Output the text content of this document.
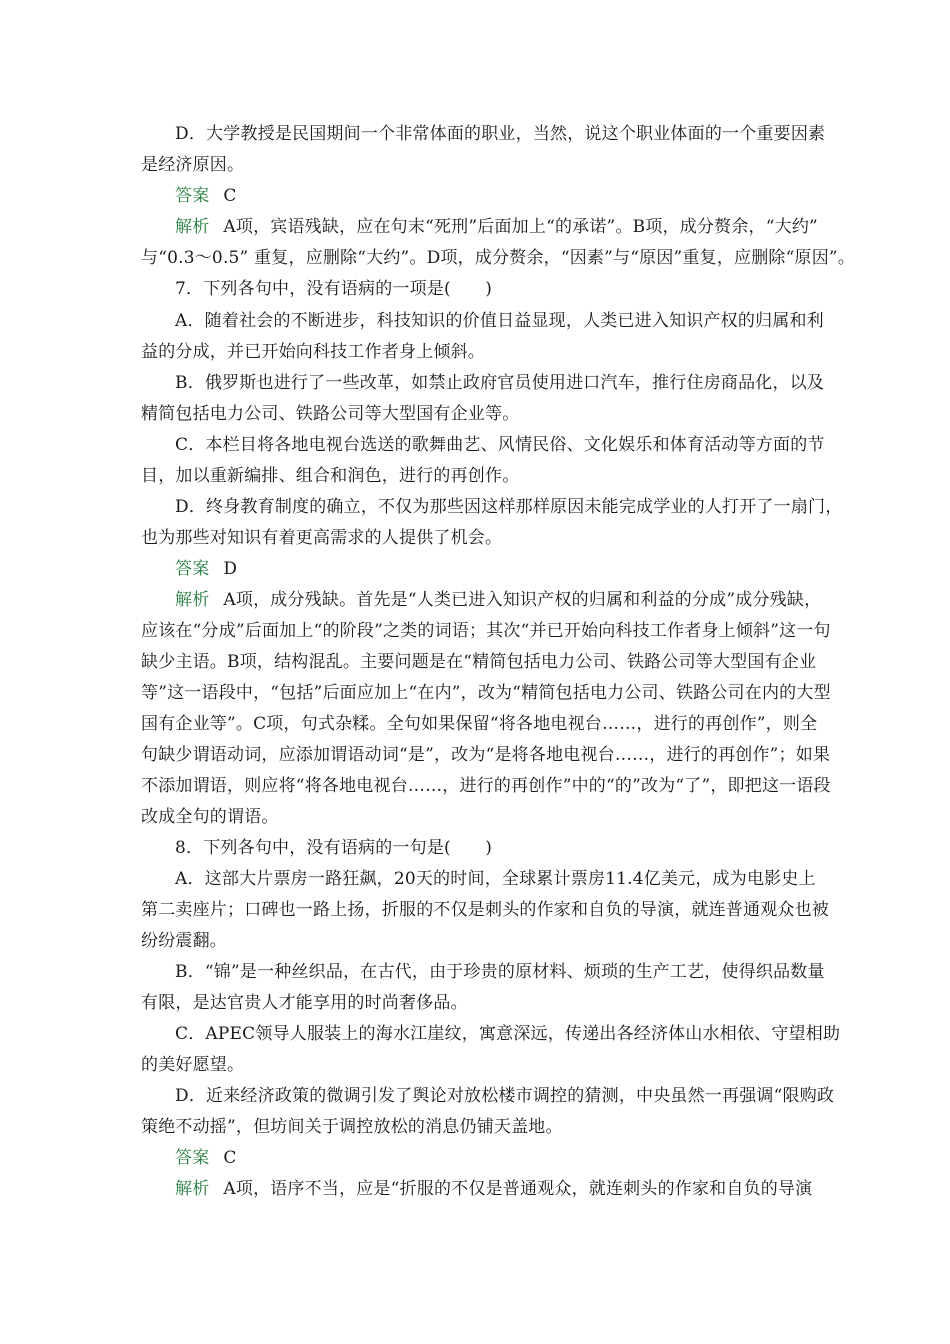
D．大学教授是民国期间一个非常体面的职业，当然，说这个职业体面的一个重要因素
是经济原因。
答案 C
解析 A项，宾语残缺，应在句末“死刑”后面加上“的承诺”。B项，成分赘余，“大约”
与“0.3～0.5” 重复，应删除“大约”。D项，成分赘余，“因素”与“原因”重复，应删除“原因”。
7．下列各句中，没有语病的一项是(　　)
A．随着社会的不断进步，科技知识的价值日益显现，人类已进入知识产权的归属和利
益的分成，并已开始向科技工作者身上倾斜。
B．俄罗斯也进行了一些改革，如禁止政府官员使用进口汽车，推行住房商品化，以及
精简包括电力公司、铁路公司等大型国有企业等。
C．本栏目将各地电视台选送的歌舞曲艺、风情民俗、文化娱乐和体育活动等方面的节
目，加以重新编排、组合和润色，进行的再创作。
D．终身教育制度的确立，不仅为那些因这样那样原因未能完成学业的人打开了一扇门，
也为那些对知识有着更高需求的人提供了机会。
答案 D
解析 A项，成分残缺。首先是“人类已进入知识产权的归属和利益的分成”成分残缺，
应该在“分成”后面加上“的阶段”之类的词语；其次“并已开始向科技工作者身上倾斜”这一句
缺少主语。B项，结构混乱。主要问题是在“精简包括电力公司、铁路公司等大型国有企业
等”这一语段中，“包括”后面应加上“在内”，改为“精简包括电力公司、铁路公司在内的大型
国有企业等”。C项，句式杂糅。全句如果保留“将各地电视台……，进行的再创作”，则全
句缺少谓语动词，应添加谓语动词“是”，改为“是将各地电视台……，进行的再创作”；如果
不添加谓语，则应将“将各地电视台……，进行的再创作”中的“的”改为“了”，即把这一语段
改成全句的谓语。
8．下列各句中，没有语病的一句是(　　)
A．这部大片票房一路狂飙，20天的时间，全球累计票房11.4亿美元，成为电影史上
第二卖座片；口碑也一路上扬，折服的不仅是刺头的作家和自负的导演，就连普通观众也被
纷纷震翻。
B．“锦”是一种丝织品，在古代，由于珍贵的原材料、烦琐的生产工艺，使得织品数量
有限，是达官贵人才能享用的时尚奢侈品。
C．APEC领导人服装上的海水江崖纹，寓意深远，传递出各经济体山水相依、守望相助
的美好愿望。
D．近来经济政策的微调引发了舆论对放松楼市调控的猜测，中央虽然一再强调“限购政
策绝不动摇”，但坊间关于调控放松的消息仍铺天盖地。
答案 C
解析 A项，语序不当，应是“折服的不仅是普通观众，就连刺头的作家和自负的导演
